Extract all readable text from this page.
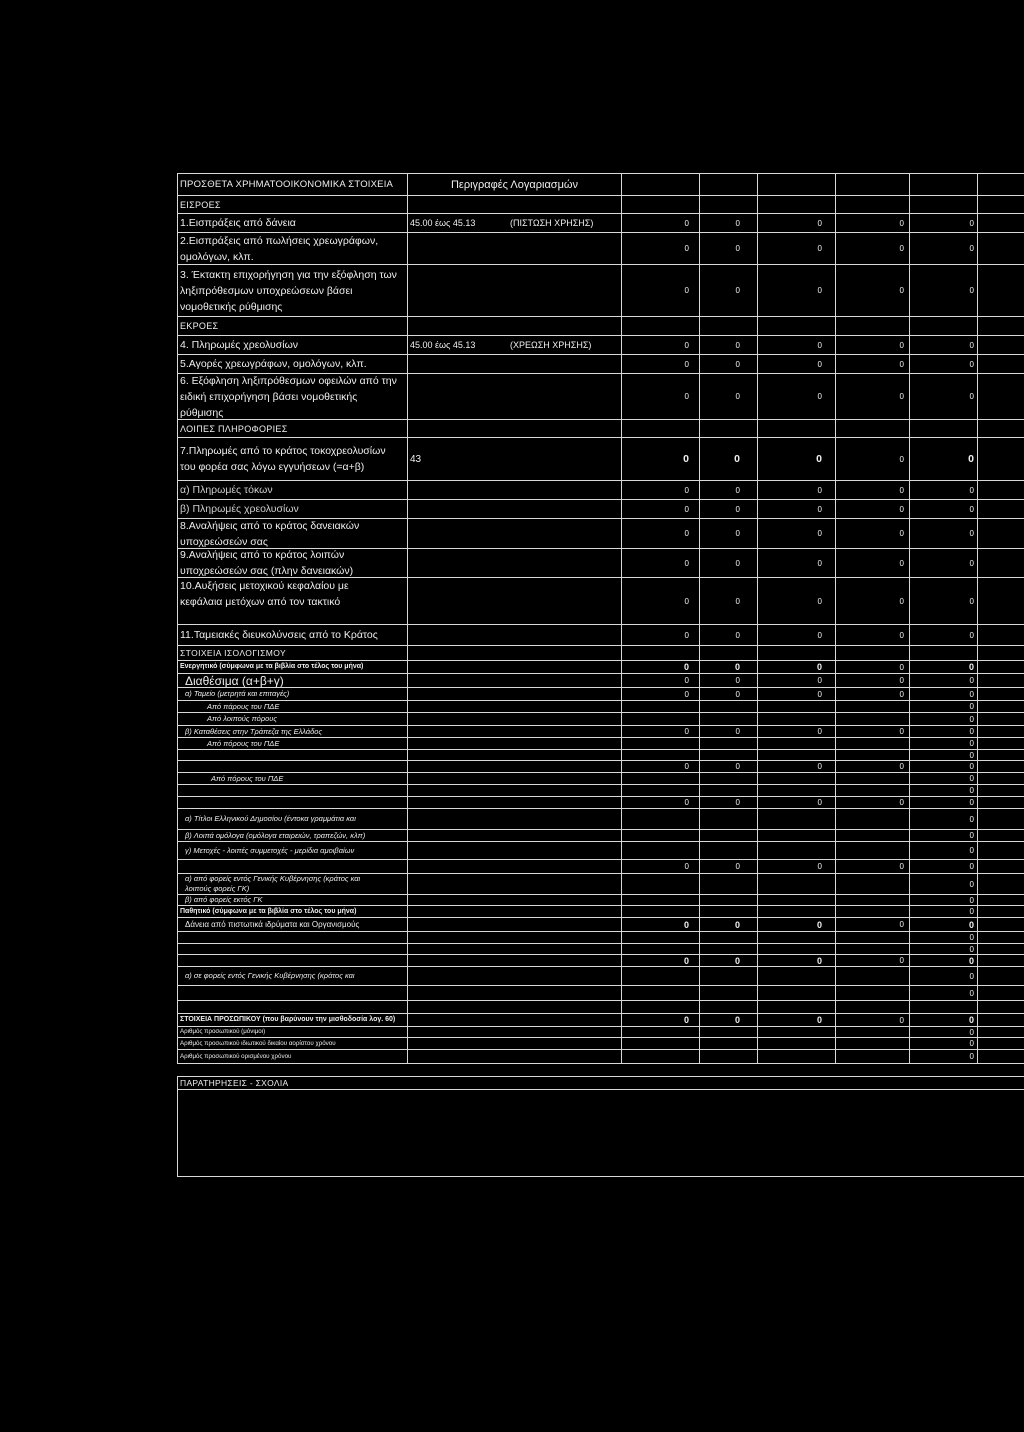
ΠΡΟΣΘΕΤΑ ΧΡΗΜΑΤΟΟΙΚΟΝΟΜΙΚΑ ΣΤΟΙΧΕΙΑ	Περιγραφές Λογαριασμών
ΕΙΣΡΟΕΣ
1.Εισπράξεις από δάνεια	45.00 έως 45.13	(ΠΙΣΤΩΣΗ ΧΡΗΣΗΣ)	0	0	0	0	0
2.Εισπράξεις από πωλήσεις χρεωγράφων,
ομολόγων, κλπ.
0	0	0	0	0
3. Έκτακτη επιχορήγηση για την εξόφληση των
ληξιπρόθεσμων υποχρεώσεων βάσει
νομοθετικής ρύθμισης
0	0	0	0	0
ΕΚΡΟΕΣ
4. Πληρωμές χρεολυσίων	45.00 έως 45.13	(ΧΡΕΩΣΗ ΧΡΗΣΗΣ)	0	0	0	0	0
5.Αγορές χρεωγράφων, ομολόγων, κλπ.	0	0	0	0	0
6. Εξόφληση ληξιπρόθεσμων οφειλών από την
ειδική επιχορήγηση βάσει νομοθετικής
ρύθμισης
0	0	0	0	0
ΛΟΙΠΕΣ ΠΛΗΡΟΦΟΡΙΕΣ
7.Πληρωμές από το κράτος τοκοχρεολυσίων
του φορέα σας λόγω εγγυήσεων (=α+β)
43	0	0	0	0	0
α) Πληρωμές τόκων	0	0	0	0	0
β) Πληρωμές χρεολυσίων	0	0	0	0	0
8.Αναλήψεις από το κράτος δανειακών
υποχρεώσεών σας
0	0	0	0	0
9.Αναλήψεις από το κράτος λοιπών
υποχρεώσεών σας (πλην δανειακών)
0	0	0	0	0
10.Αυξήσεις μετοχικού κεφαλαίου με
κεφάλαια μετόχων από τον τακτικό	0	0	0	0	0
11.Ταμειακές διευκολύνσεις από το Κράτος	0	0	0	0	0
ΣΤΟΙΧΕΙΑ ΙΣΟΛΟΓΙΣΜΟΥ
Ενεργητικό (σύμφωνα με τα βιβλία στο τέλος του μήνα)	0	0	0	0	0
Διαθέσιμα (α+β+γ)	0	0	0	0	0
α) Ταμείο (μετρητά και επιταγές)	0	0	0	0	0
Από πάρους του ΠΔΕ	0
Από λοιπούς πόρους	0
β) Καταθέσεις στην Τράπεζα της Ελλάδος	0	0	0	0	0
Από πόρους του ΠΔΕ	0
0
0	0	0	0	0
Από πόρους του ΠΔΕ	0
0
0	0	0	0	0
α) Τίτλοι Ελληνικού Δημοσίου (έντοκα γραμμάτια και	0
β) Λοιπά ομόλογα (ομόλογα εταιρειών, τραπεζών, κλπ)	0
γ) Μετοχές - λοιπές συμμετοχές - μερίδια αμοιβαίων	0
0	0	0	0	0
α) από φορείς εντός Γενικής Κυβέρνησης (κράτος και
λοιπούς φορείς ΓΚ)	0
β) από φορείς εκτός ΓΚ	0
Παθητικό (σύμφωνα με τα βιβλία στο τέλος του μήνα)	0
Δάνεια από πιστωτικά ιδρύματα και Οργανισμούς	0	0	0	0	0
0
0
0	0	0	0	0
α) σε φορείς εντός Γενικής Κυβέρνησης (κράτος και	0
0
ΣΤΟΙΧΕΙΑ ΠΡΟΣΩΠΙΚΟΥ (που βαρύνουν την μισθοδοσία λογ. 60)	0	0	0	0	0
Αριθμός προσωπικού (μόνιμοι)	0
Αριθμός προσωπικού ιδιωτικού δικαίου αορίστου χρόνου	0
Αριθμός προσωπικού ορισμένου χρόνου	0
ΠΑΡΑΤΗΡΗΣΕΙΣ - ΣΧΟΛΙΑ
